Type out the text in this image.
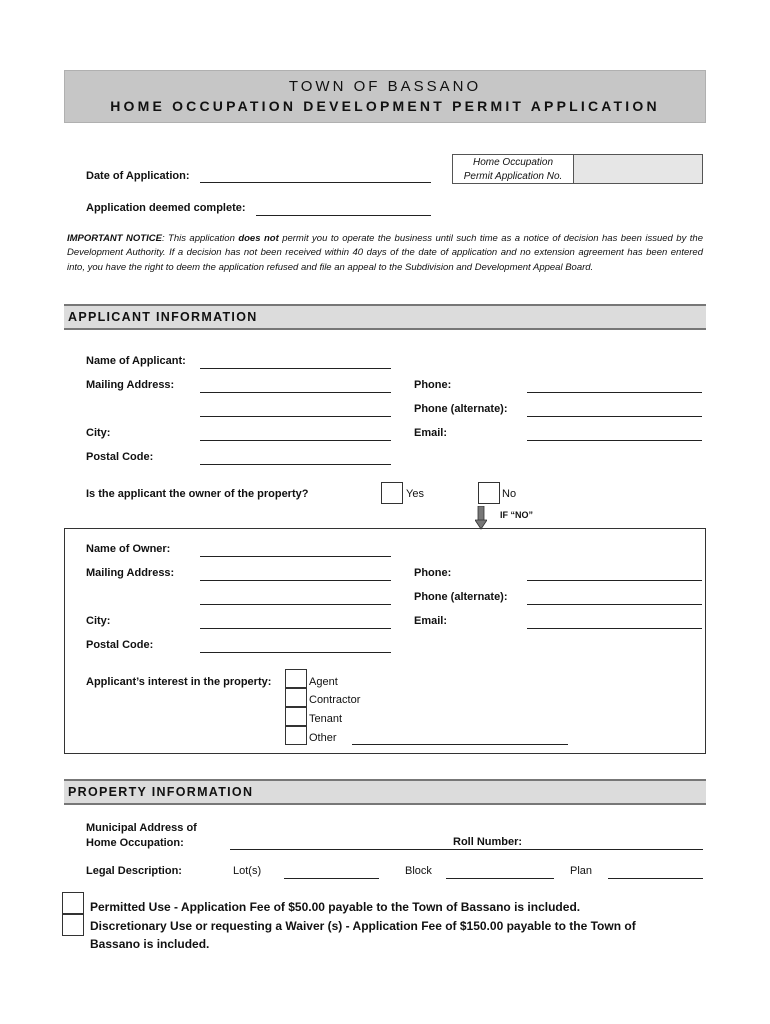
TOWN OF BASSANO
HOME OCCUPATION DEVELOPMENT PERMIT APPLICATION
Date of Application:
Home Occupation
Permit Application No.
Application deemed complete:
IMPORTANT NOTICE: This application does not permit you to operate the business until such time as a notice of decision has been issued by the Development Authority. If a decision has not been received within 40 days of the date of application and no extension agreement has been entered into, you have the right to deem the application refused and file an appeal to the Subdivision and Development Appeal Board.
APPLICANT INFORMATION
Name of Applicant:
Mailing Address:	Phone:
Phone (alternate):
City:	Email:
Postal Code:
Is the applicant the owner of the property?	Yes	No
IF “NO”
Name of Owner:
Mailing Address:	Phone:
Phone (alternate):
City:	Email:
Postal Code:
Applicant’s interest in the property:	Agent
Contractor
Tenant
Other
PROPERTY INFORMATION
Municipal Address of
Home Occupation:	Roll Number:
Legal Description:	Lot(s)	Block	Plan
Permitted Use - Application Fee of $50.00 payable to the Town of Bassano is included.
Discretionary Use or requesting a Waiver (s) - Application Fee of $150.00 payable to the Town of
Bassano is included.
